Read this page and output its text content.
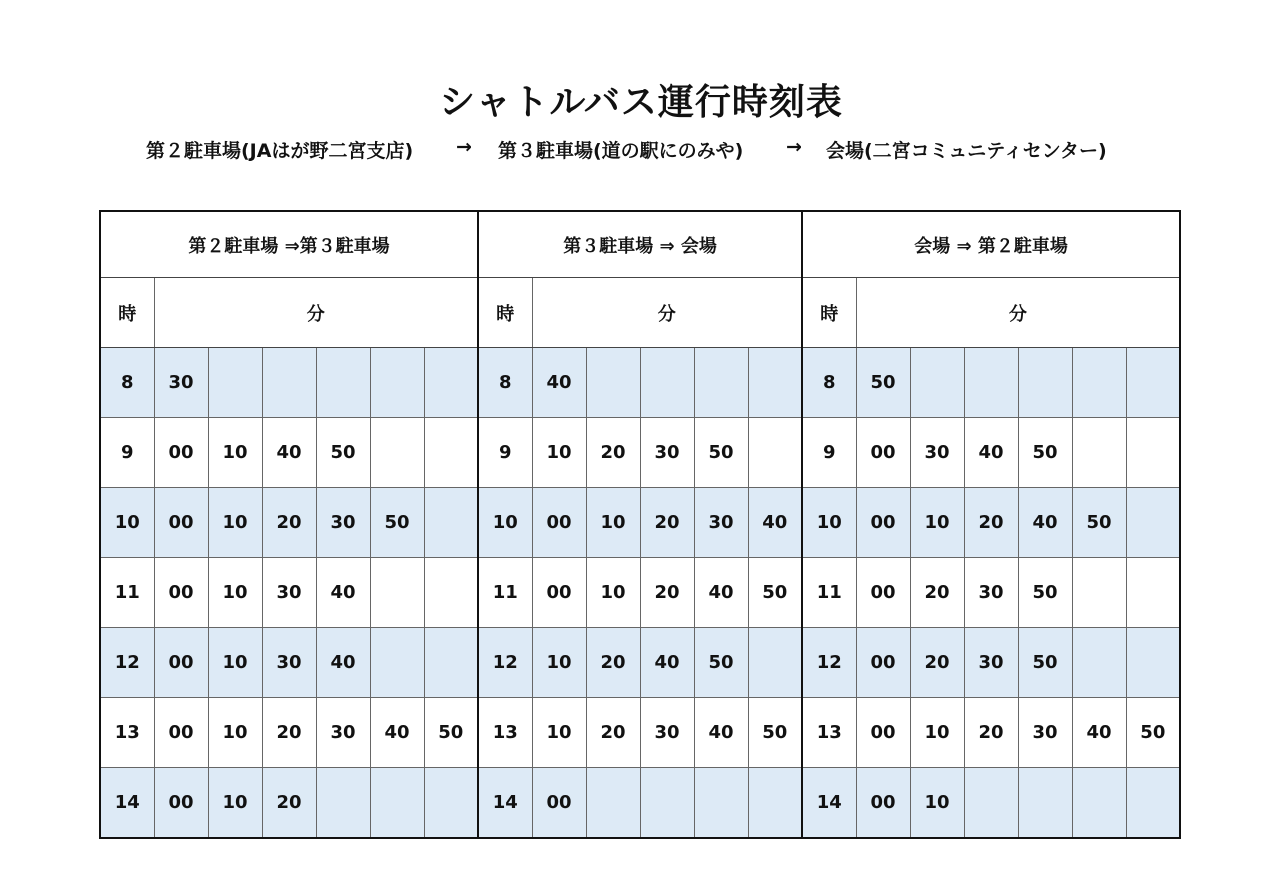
シャトルバス運行時刻表
第２駐車場(JAはが野二宮支店) → 第３駐車場(道の駅にのみや) → 会場(二宮コミュニティセンター)
第２駐車場 ⇒第３駐車場							第３駐車場 ⇒ 会場						会場 ⇒ 第２駐車場						
時	分						時	分					時	分					
8	30						8	40					8	50					
9	00	10	40	50			9	10	20	30	50		9	00	30	40	50		
10	00	10	20	30	50		10	00	10	20	30	40	10	00	10	20	40	50	
11	00	10	30	40			11	00	10	20	40	50	11	00	20	30	50		
12	00	10	30	40			12	10	20	40	50		12	00	20	30	50		
13	00	10	20	30	40	50	13	10	20	30	40	50	13	00	10	20	30	40	50
14	00	10	20				14	00					14	00	10				
